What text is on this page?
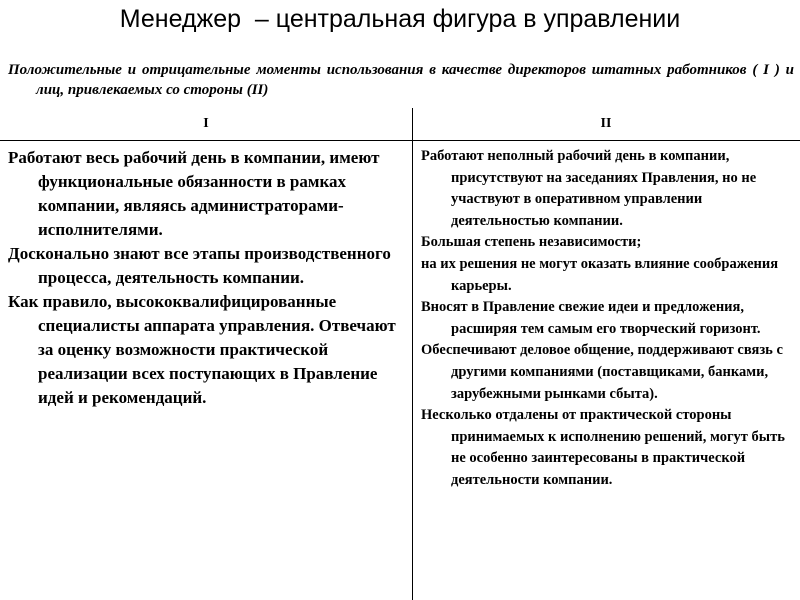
Менеджер  – центральная фигура в управлении
Положительные и отрицательные моменты использования в качестве директоров штатных работников ( I ) и лиц, привлекаемых со стороны (II)
I	II
Работают весь рабочий день в компании, имеют функциональные обязанности в рамках компании, являясь администраторами-исполнителями.
Досконально знают все этапы производственного процесса, деятельность компании.
Как правило, высококвалифицированные специалисты аппарата управления. Отвечают за оценку возможности практической реализации всех поступающих в Правление идей и рекомендаций.
Работают неполный рабочий день в компании, присутствуют на заседаниях Правления, но не участвуют в оперативном управлении деятельностью компании.
Большая степень независимости;
на их решения не могут оказать влияние соображения карьеры.
Вносят в Правление свежие идеи и предложения, расширяя тем самым его творческий горизонт.
Обеспечивают деловое общение, поддерживают связь с другими компаниями (поставщиками, банками, зарубежными рынками сбыта).
Несколько отдалены от практической стороны принимаемых к исполнению решений, могут быть не особенно заинтересованы в практической деятельности компании.
